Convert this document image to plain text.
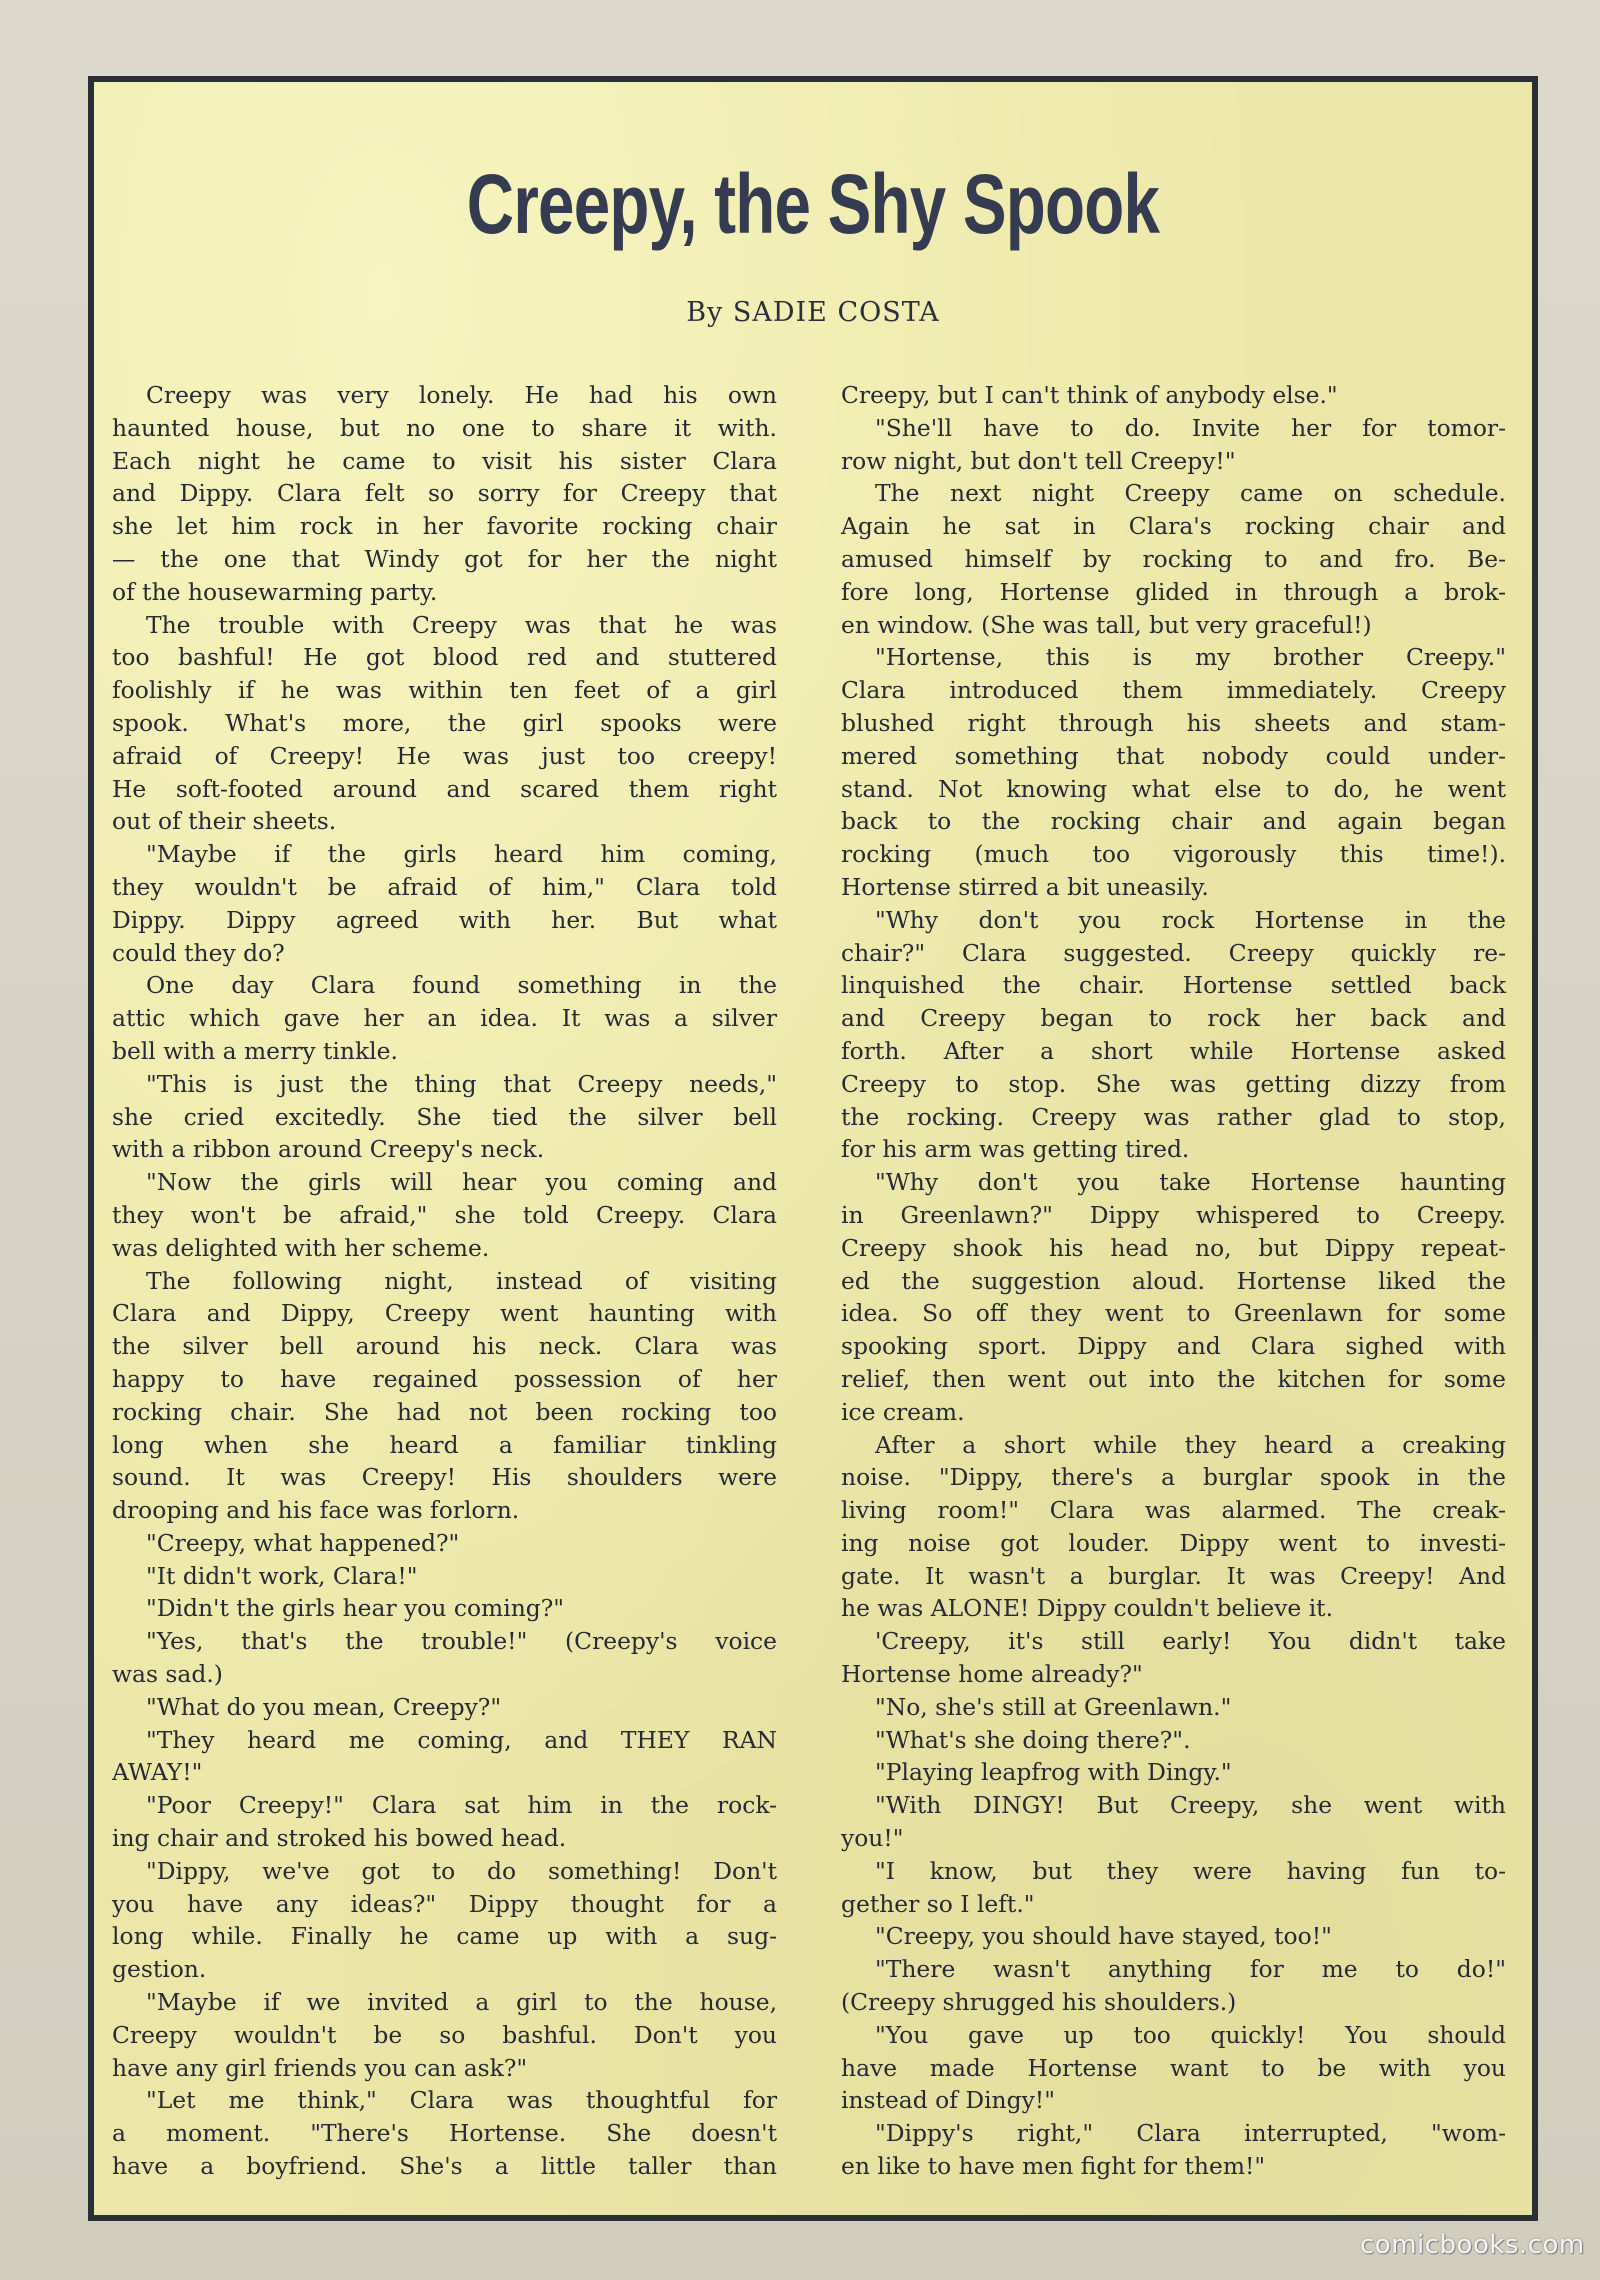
Creepy, the Shy Spook
By SADIE COSTA
Creepy was very lonely. He had his own
haunted house, but no one to share it with.
Each night he came to visit his sister Clara
and Dippy. Clara felt so sorry for Creepy that
she let him rock in her favorite rocking chair
— the one that Windy got for her the night
of the housewarming party.
The trouble with Creepy was that he was
too bashful! He got blood red and stuttered
foolishly if he was within ten feet of a girl
spook. What's more, the girl spooks were
afraid of Creepy! He was just too creepy!
He soft-footed around and scared them right
out of their sheets.
"Maybe if the girls heard him coming,
they wouldn't be afraid of him," Clara told
Dippy. Dippy agreed with her. But what
could they do?
One day Clara found something in the
attic which gave her an idea. It was a silver
bell with a merry tinkle.
"This is just the thing that Creepy needs,"
she cried excitedly. She tied the silver bell
with a ribbon around Creepy's neck.
"Now the girls will hear you coming and
they won't be afraid," she told Creepy. Clara
was delighted with her scheme.
The following night, instead of visiting
Clara and Dippy, Creepy went haunting with
the silver bell around his neck. Clara was
happy to have regained possession of her
rocking chair. She had not been rocking too
long when she heard a familiar tinkling
sound. It was Creepy! His shoulders were
drooping and his face was forlorn.
"Creepy, what happened?"
"It didn't work, Clara!"
"Didn't the girls hear you coming?"
"Yes, that's the trouble!" (Creepy's voice
was sad.)
"What do you mean, Creepy?"
"They heard me coming, and THEY RAN
AWAY!"
"Poor Creepy!" Clara sat him in the rock-
ing chair and stroked his bowed head.
"Dippy, we've got to do something! Don't
you have any ideas?" Dippy thought for a
long while. Finally he came up with a sug-
gestion.
"Maybe if we invited a girl to the house,
Creepy wouldn't be so bashful. Don't you
have any girl friends you can ask?"
"Let me think," Clara was thoughtful for
a moment. "There's Hortense. She doesn't
have a boyfriend. She's a little taller than
Creepy, but I can't think of anybody else."
"She'll have to do. Invite her for tomor-
row night, but don't tell Creepy!"
The next night Creepy came on schedule.
Again he sat in Clara's rocking chair and
amused himself by rocking to and fro. Be-
fore long, Hortense glided in through a brok-
en window. (She was tall, but very graceful!)
"Hortense, this is my brother Creepy."
Clara introduced them immediately. Creepy
blushed right through his sheets and stam-
mered something that nobody could under-
stand. Not knowing what else to do, he went
back to the rocking chair and again began
rocking (much too vigorously this time!).
Hortense stirred a bit uneasily.
"Why don't you rock Hortense in the
chair?" Clara suggested. Creepy quickly re-
linquished the chair. Hortense settled back
and Creepy began to rock her back and
forth. After a short while Hortense asked
Creepy to stop. She was getting dizzy from
the rocking. Creepy was rather glad to stop,
for his arm was getting tired.
"Why don't you take Hortense haunting
in Greenlawn?" Dippy whispered to Creepy.
Creepy shook his head no, but Dippy repeat-
ed the suggestion aloud. Hortense liked the
idea. So off they went to Greenlawn for some
spooking sport. Dippy and Clara sighed with
relief, then went out into the kitchen for some
ice cream.
After a short while they heard a creaking
noise. "Dippy, there's a burglar spook in the
living room!" Clara was alarmed. The creak-
ing noise got louder. Dippy went to investi-
gate. It wasn't a burglar. It was Creepy! And
he was ALONE! Dippy couldn't believe it.
'Creepy, it's still early! You didn't take
Hortense home already?"
"No, she's still at Greenlawn."
"What's she doing there?".
"Playing leapfrog with Dingy."
"With DINGY! But Creepy, she went with
you!"
"I know, but they were having fun to-
gether so I left."
"Creepy, you should have stayed, too!"
"There wasn't anything for me to do!"
(Creepy shrugged his shoulders.)
"You gave up too quickly! You should
have made Hortense want to be with you
instead of Dingy!"
"Dippy's right," Clara interrupted, "wom-
en like to have men fight for them!"
comicbooks.com
